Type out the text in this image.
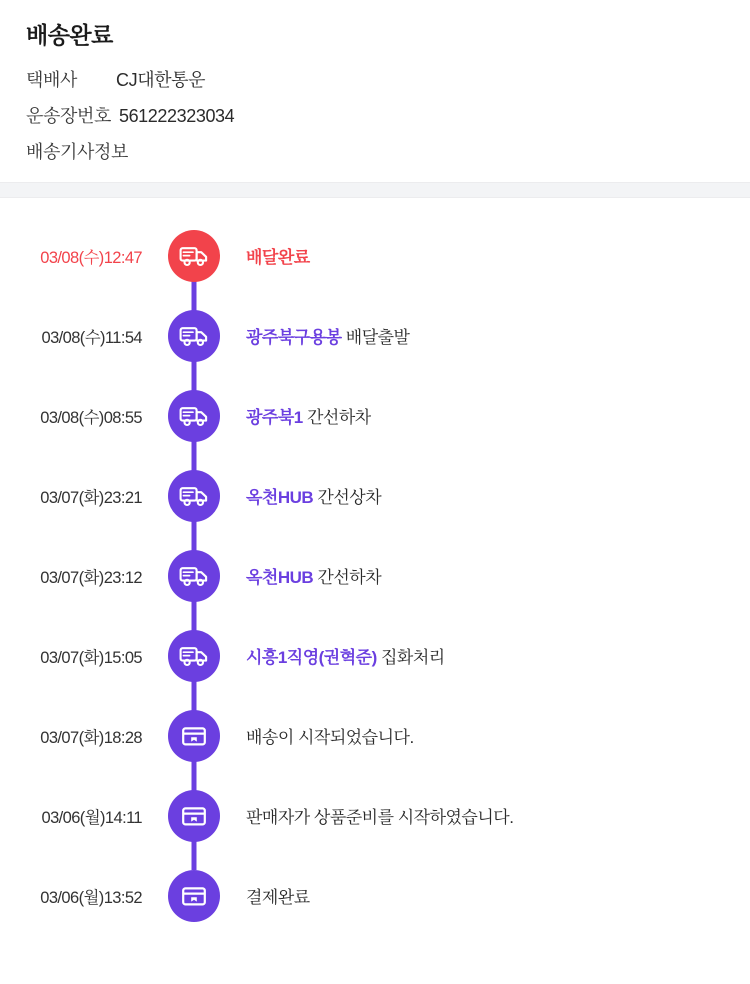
배송완료
택배사	CJ대한통운
운송장번호 561222323034
배송기사정보
03/08(수)12:47	배달완료
03/08(수)11:54	광주북구용봉 배달출발
03/08(수)08:55	광주북1 간선하차
03/07(화)23:21	옥천HUB 간선상차
03/07(화)23:12	옥천HUB 간선하차
03/07(화)15:05	시흥1직영(권혁준) 집화처리
03/07(화)18:28	배송이 시작되었습니다.
03/06(월)14:11	판매자가 상품준비를 시작하였습니다.
03/06(월)13:52	결제완료
